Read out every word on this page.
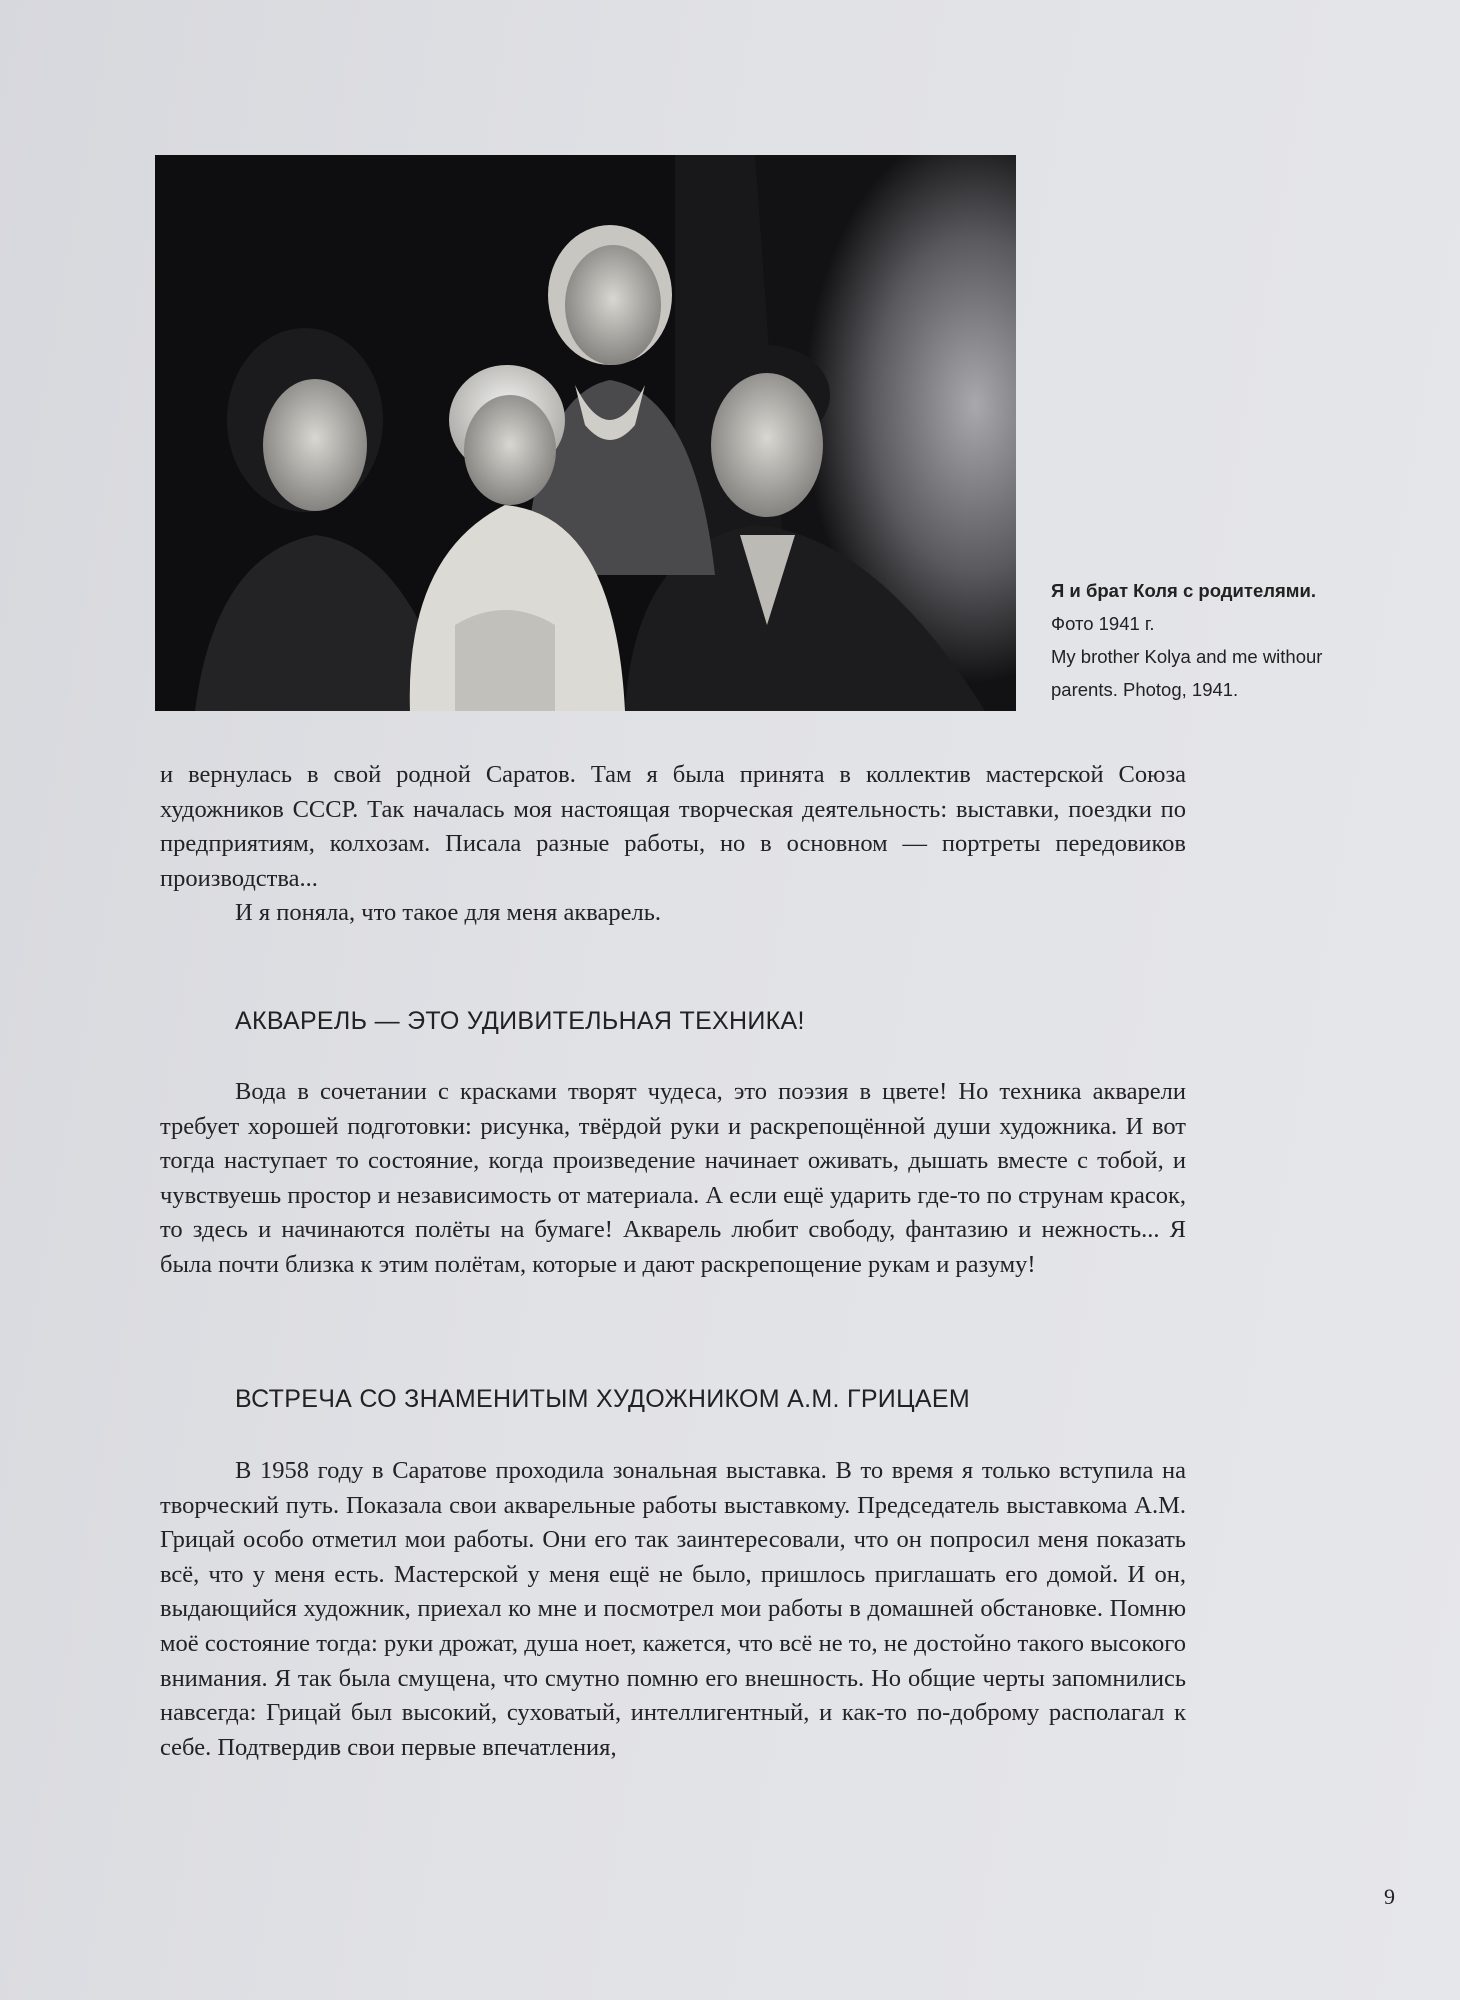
Я и брат Коля с родителями.
Фото 1941 г.
My brother Kolya and me withour
parents. Photog, 1941.

и вернулась в свой родной Саратов. Там я была принята в коллектив мастерской Союза художников СССР. Так началась моя настоящая творческая деятельность: выставки, поездки по предприятиям, колхозам. Писала разные работы, но в основном — портреты передовиков производства...

И я поняла, что такое для меня акварель.

АКВАРЕЛЬ — ЭТО УДИВИТЕЛЬНАЯ ТЕХНИКА!

Вода в сочетании с красками творят чудеса, это поэзия в цвете! Но техника акварели требует хорошей подготовки: рисунка, твёрдой руки и раскрепощённой души художника. И вот тогда наступает то состояние, когда произведение начинает оживать, дышать вместе с тобой, и чувствуешь простор и независимость от материала. А если ещё ударить где-то по струнам красок, то здесь и начинаются полёты на бумаге! Акварель любит свободу, фантазию и нежность... Я была почти близка к этим полётам, которые и дают раскрепощение рукам и разуму!

ВСТРЕЧА СО ЗНАМЕНИТЫМ ХУДОЖНИКОМ А.М. ГРИЦАЕМ

В 1958 году в Саратове проходила зональная выставка. В то время я только вступила на творческий путь. Показала свои акварельные работы выставкому. Председатель выставкома А.М. Грицай особо отметил мои работы. Они его так заинтересовали, что он попросил меня показать всё, что у меня есть. Мастерской у меня ещё не было, пришлось приглашать его домой. И он, выдающийся художник, приехал ко мне и посмотрел мои работы в домашней обстановке. Помню моё состояние тогда: руки дрожат, душа ноет, кажется, что всё не то, не достойно такого высокого внимания. Я так была смущена, что смутно помню его внешность. Но общие черты запомнились навсегда: Грицай был высокий, суховатый, интеллигентный, и как-то по-доброму располагал к себе. Подтвердив свои первые впечатления,

9
